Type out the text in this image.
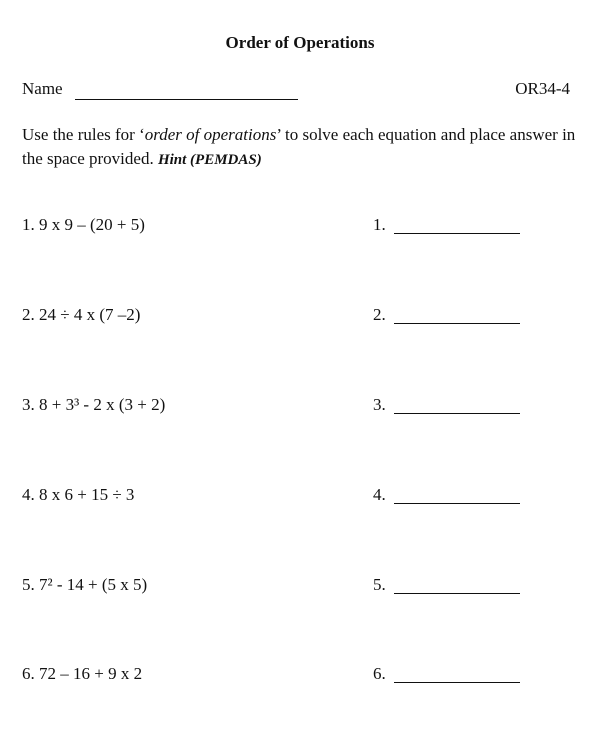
Order of Operations
Name	OR34-4
Use the rules for ‘order of operations’ to solve each equation and place answer in the space provided. Hint (PEMDAS)
1. 9 x 9 – (20 + 5)	1.
2. 24 ÷ 4 x (7 –2)	2.
3. 8 + 3³ - 2 x (3 + 2)	3.
4. 8 x 6 + 15 ÷ 3	4.
5. 7² - 14 + (5 x 5)	5.
6. 72 – 16 + 9 x 2	6.
